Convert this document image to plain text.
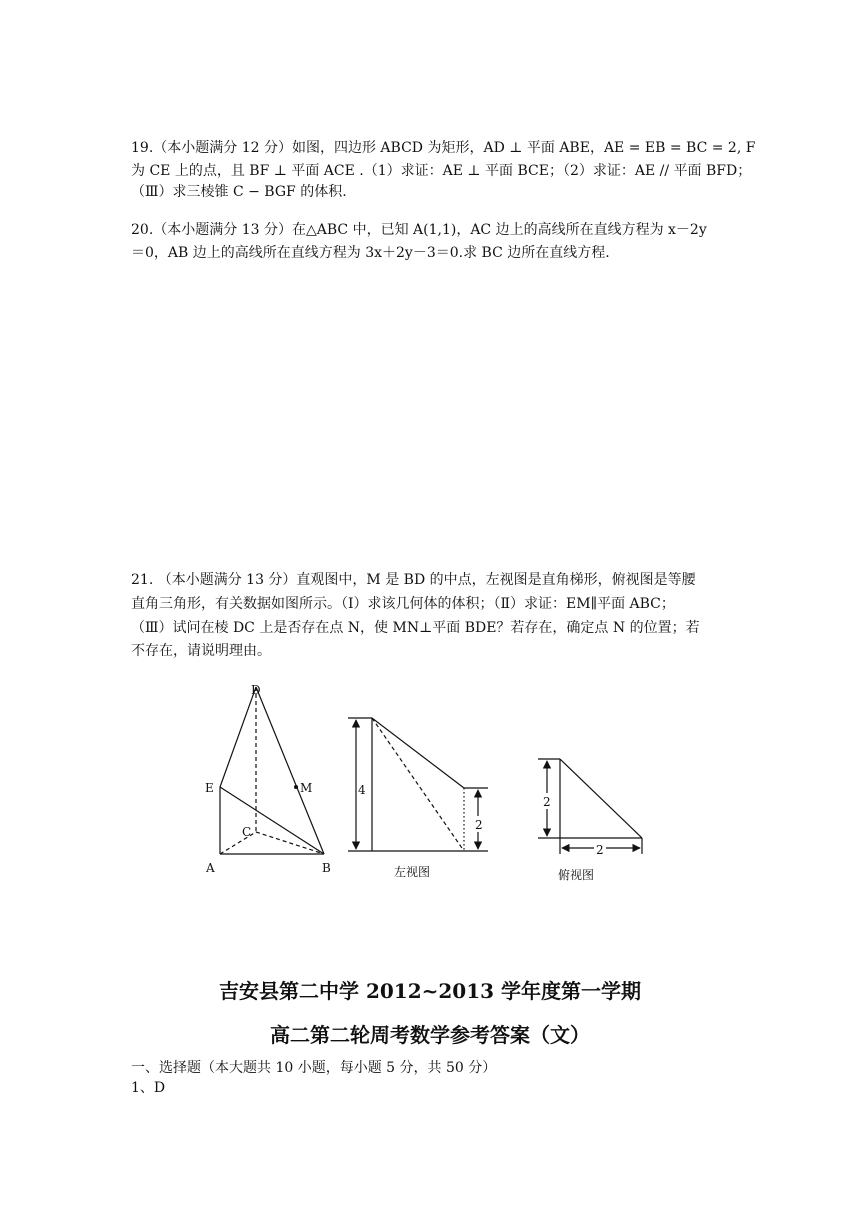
19.（本小题满分 12 分）如图，四边形 ABCD 为矩形，AD ⊥ 平面 ABE，AE = EB = BC = 2, F
为 CE 上的点，且 BF ⊥ 平面 ACE .（1）求证：AE ⊥ 平面 BCE；（2）求证：AE // 平面 BFD；
（Ⅲ）求三棱锥 C − BGF 的体积.
20.（本小题满分 13 分）在△ABC 中，已知 A(1,1)，AC 边上的高线所在直线方程为 x－2y
＝0，AB 边上的高线所在直线方程为 3x＋2y－3＝0.求 BC 边所在直线方程.
21. （本小题满分 13 分）直观图中，M 是 BD 的中点，左视图是直角梯形，俯视图是等腰
直角三角形，有关数据如图所示。（Ⅰ）求该几何体的体积；（Ⅱ）求证：EM∥平面 ABC；
（Ⅲ）试问在棱 DC 上是否存在点 N，使 MN⊥平面 BDE？若存在，确定点 N 的位置；若
不存在，请说明理由。
D
E	M
C
A	B
4
2
左视图
2
2
俯视图
吉安县第二中学 2012~2013 学年度第一学期
高二第二轮周考数学参考答案（文）
一、选择题（本大题共 10 小题，每小题 5 分，共 50 分）
1、D
